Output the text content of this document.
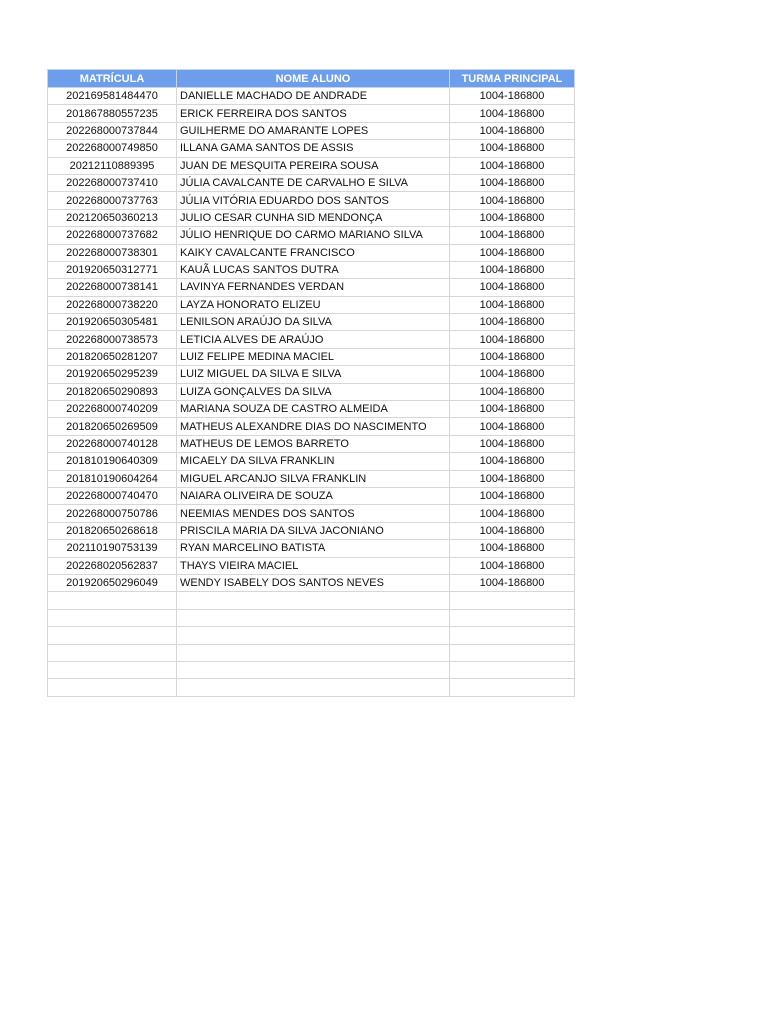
MATRÍCULA	NOME ALUNO	TURMA PRINCIPAL
202169581484470	DANIELLE MACHADO DE ANDRADE	1004-186800
201867880557235	ERICK FERREIRA DOS SANTOS	1004-186800
202268000737844	GUILHERME DO AMARANTE LOPES	1004-186800
202268000749850	ILLANA GAMA SANTOS DE ASSIS	1004-186800
20212110889395	JUAN DE MESQUITA PEREIRA SOUSA	1004-186800
202268000737410	JÚLIA CAVALCANTE DE CARVALHO E SILVA	1004-186800
202268000737763	JÚLIA VITÓRIA EDUARDO DOS SANTOS	1004-186800
202120650360213	JULIO CESAR CUNHA SID MENDONÇA	1004-186800
202268000737682	JÚLIO HENRIQUE DO CARMO MARIANO SILVA	1004-186800
202268000738301	KAIKY CAVALCANTE FRANCISCO	1004-186800
201920650312771	KAUÃ LUCAS SANTOS DUTRA	1004-186800
202268000738141	LAVINYA FERNANDES VERDAN	1004-186800
202268000738220	LAYZA HONORATO ELIZEU	1004-186800
201920650305481	LENILSON ARAÚJO DA SILVA	1004-186800
202268000738573	LETICIA ALVES DE ARAÚJO	1004-186800
201820650281207	LUIZ FELIPE MEDINA MACIEL	1004-186800
201920650295239	LUIZ MIGUEL DA SILVA E SILVA	1004-186800
201820650290893	LUIZA GONÇALVES DA SILVA	1004-186800
202268000740209	MARIANA SOUZA DE CASTRO ALMEIDA	1004-186800
201820650269509	MATHEUS ALEXANDRE DIAS DO NASCIMENTO	1004-186800
202268000740128	MATHEUS DE LEMOS BARRETO	1004-186800
201810190640309	MICAELY DA SILVA FRANKLIN	1004-186800
201810190604264	MIGUEL ARCANJO SILVA FRANKLIN	1004-186800
202268000740470	NAIARA OLIVEIRA DE SOUZA	1004-186800
202268000750786	NEEMIAS MENDES DOS SANTOS	1004-186800
201820650268618	PRISCILA MARIA DA SILVA JACONIANO	1004-186800
202110190753139	RYAN MARCELINO BATISTA	1004-186800
202268020562837	THAYS VIEIRA MACIEL	1004-186800
201920650296049	WENDY ISABELY DOS SANTOS NEVES	1004-186800
